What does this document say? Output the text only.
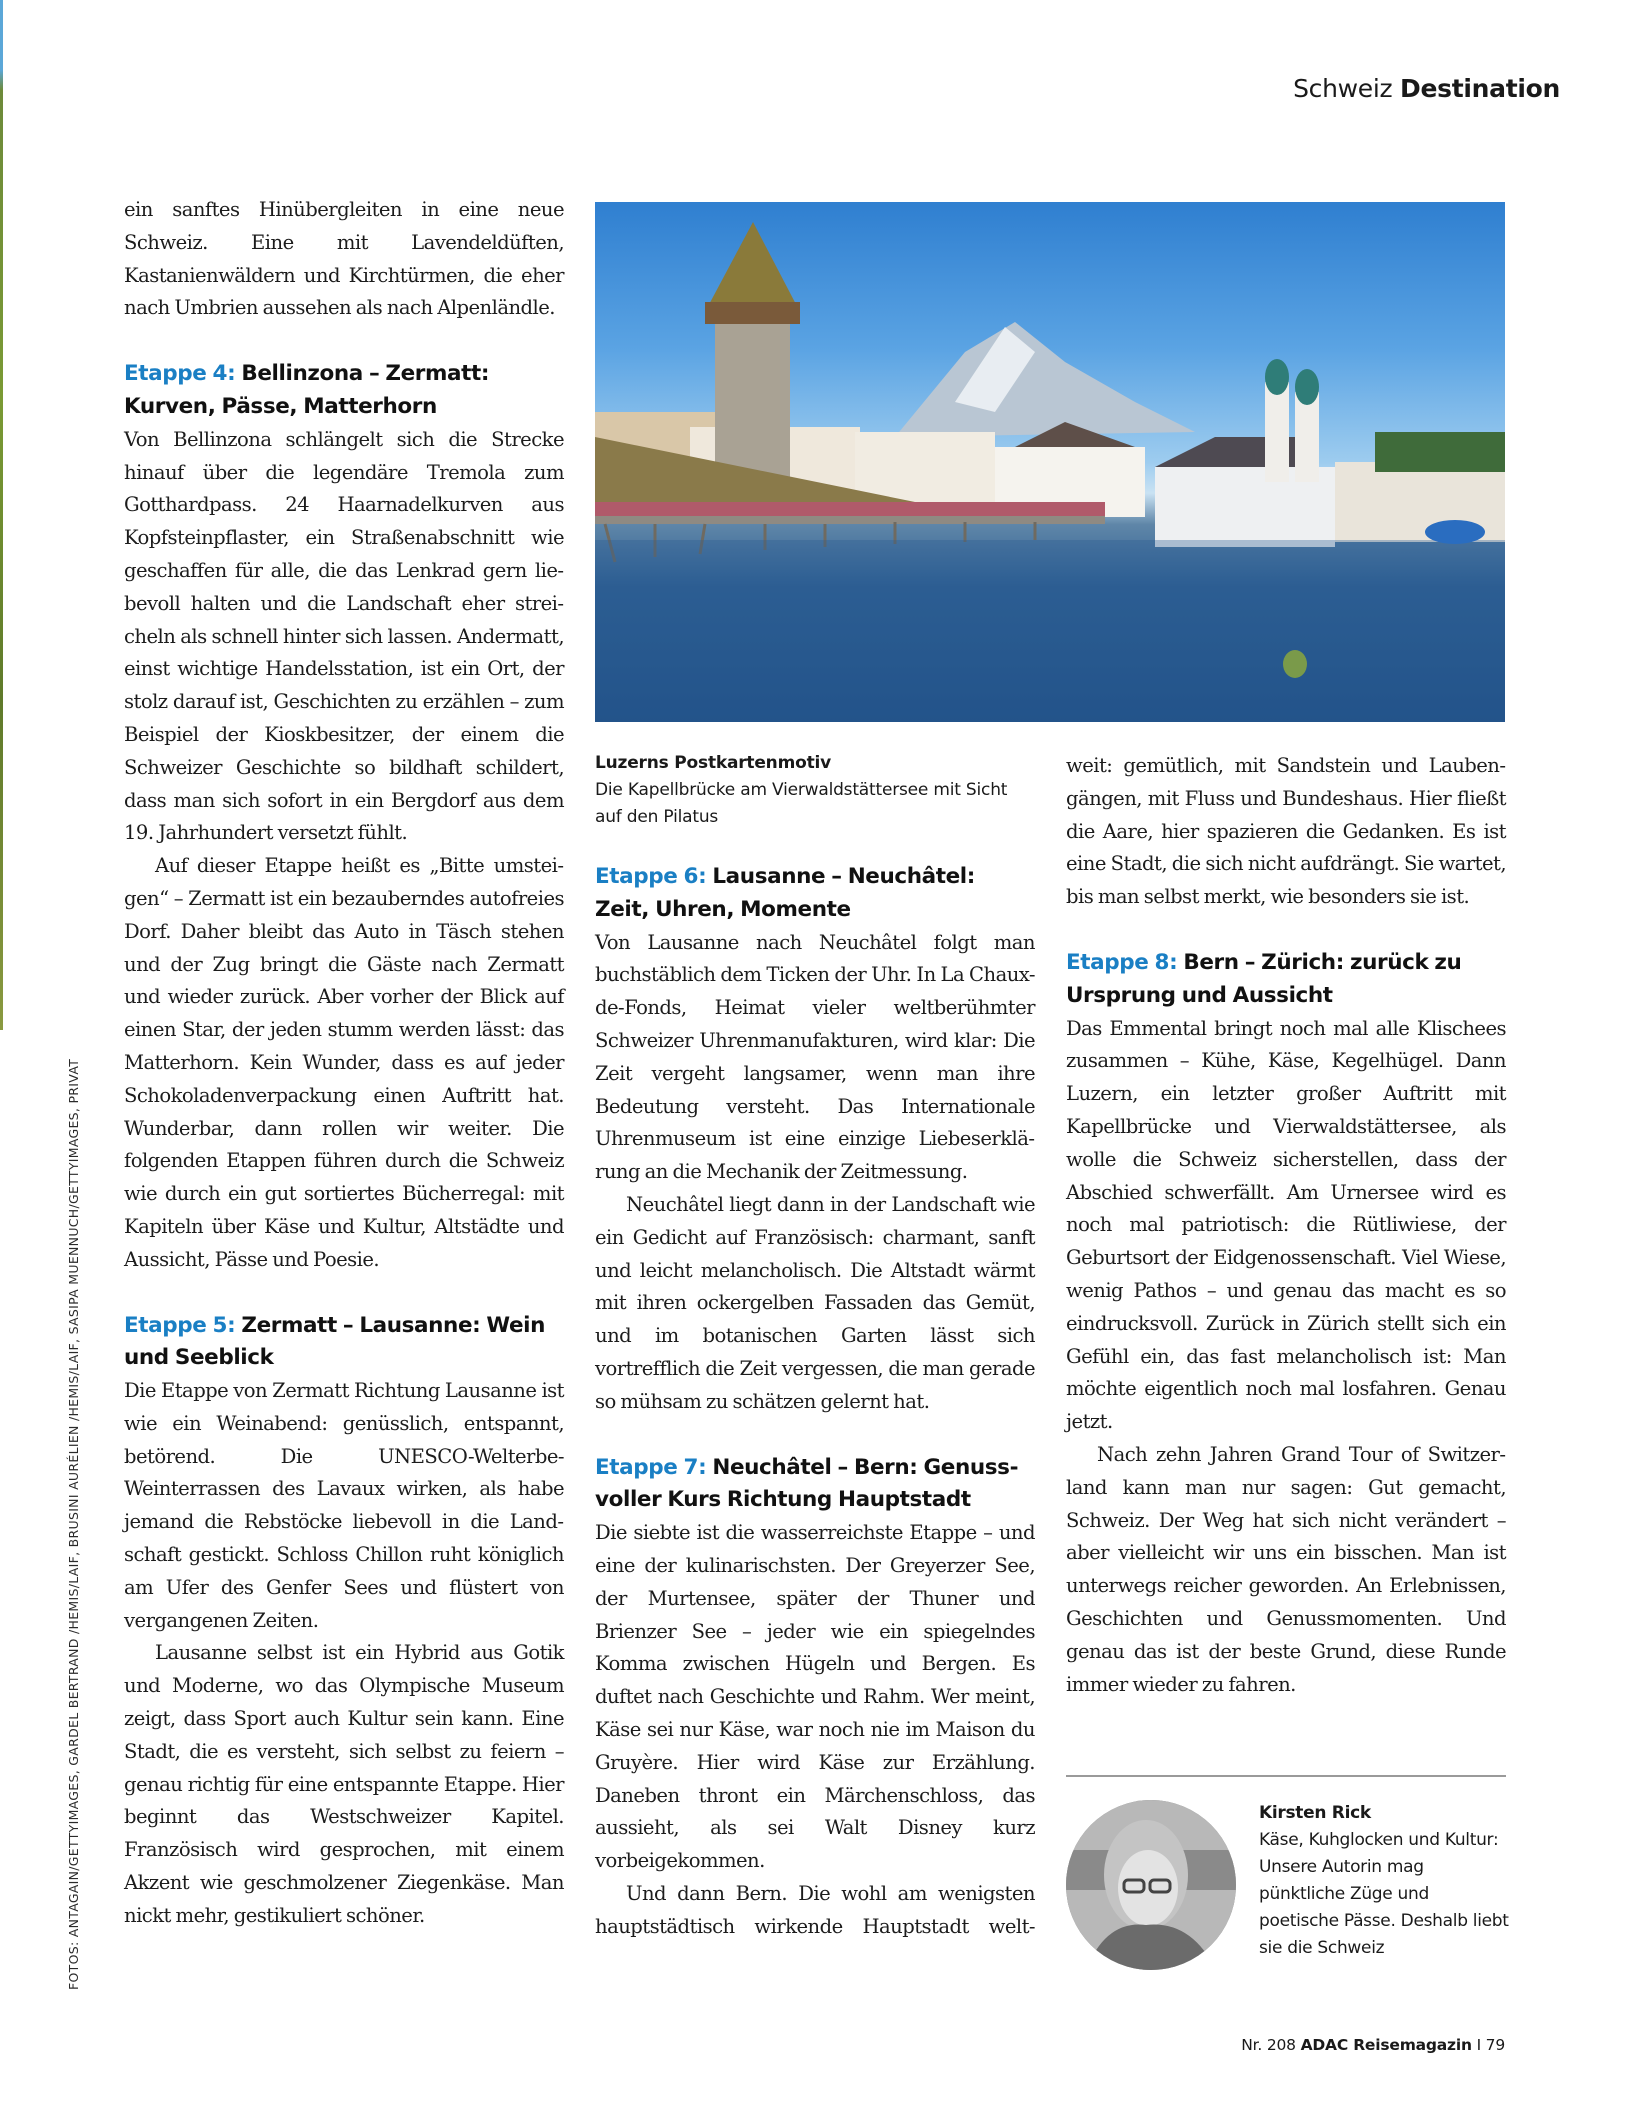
Schweiz Destination
FOTOS: ANTAGAIN/GETTYIMAGES, GARDEL BERTRAND /HEMIS/LAIF, BRUSINI AURÉLIEN /HEMIS/LAIF, SASIPA MUENNUCH/GETTYIMAGES, PRIVAT

ein sanftes Hinübergleiten in eine neue Schweiz. Eine mit Lavendeldüften, Kastanienwäldern und Kirchtürmen, die eher nach Umbrien aussehen als nach Alpenländle.

Etappe 4: Bellinzona – Zermatt: Kurven, Pässe, Matterhorn

Von Bellinzona schlängelt sich die Strecke hinauf über die legendäre Tremola zum Gotthardpass. 24 Haarnadelkurven aus Kopfsteinpflaster, ein Straßenabschnitt wie geschaffen für alle, die das Lenkrad gern liebevoll halten und die Landschaft eher streicheln als schnell hinter sich lassen. Andermatt, einst wichtige Handelsstation, ist ein Ort, der stolz darauf ist, Geschichten zu erzählen – zum Beispiel der Kioskbesitzer, der einem die Schweizer Geschichte so bildhaft schildert, dass man sich sofort in ein Bergdorf aus dem 19. Jahrhundert versetzt fühlt.

Auf dieser Etappe heißt es „Bitte umsteigen“ – Zermatt ist ein bezauberndes autofreies Dorf. Daher bleibt das Auto in Täsch stehen und der Zug bringt die Gäste nach Zermatt und wieder zurück. Aber vorher der Blick auf einen Star, der jeden stumm werden lässt: das Matterhorn. Kein Wunder, dass es auf jeder Schokoladenverpackung einen Auftritt hat. Wunderbar, dann rollen wir weiter. Die folgenden Etappen führen durch die Schweiz wie durch ein gut sortiertes Bücherregal: mit Kapiteln über Käse und Kultur, Altstädte und Aussicht, Pässe und Poesie.

Etappe 5: Zermatt – Lausanne: Wein und Seeblick

Die Etappe von Zermatt Richtung Lausanne ist wie ein Weinabend: genüsslich, entspannt, betörend. Die UNESCO-Welterbe-Weinterrassen des Lavaux wirken, als habe jemand die Rebstöcke liebevoll in die Landschaft gestickt. Schloss Chillon ruht königlich am Ufer des Genfer Sees und flüstert von vergangenen Zeiten.

Lausanne selbst ist ein Hybrid aus Gotik und Moderne, wo das Olympische Museum zeigt, dass Sport auch Kultur sein kann. Eine Stadt, die es versteht, sich selbst zu feiern – genau richtig für eine entspannte Etappe. Hier beginnt das Westschweizer Kapitel. Französisch wird gesprochen, mit einem Akzent wie geschmolzener Ziegenkäse. Man nickt mehr, gestikuliert schöner.

Luzerns Postkartenmotiv
Die Kapellbrücke am Vierwaldstättersee mit Sicht auf den Pilatus
Etappe 6: Lausanne – Neuchâtel: Zeit, Uhren, Momente

Von Lausanne nach Neuchâtel folgt man buchstäblich dem Ticken der Uhr. In La Chaux-de-Fonds, Heimat vieler weltberühmter Schweizer Uhrenmanufakturen, wird klar: Die Zeit vergeht langsamer, wenn man ihre Bedeutung versteht. Das Internationale Uhrenmuseum ist eine einzige Liebeserklärung an die Mechanik der Zeitmessung.

Neuchâtel liegt dann in der Landschaft wie ein Gedicht auf Französisch: charmant, sanft und leicht melancholisch. Die Altstadt wärmt mit ihren ockergelben Fassaden das Gemüt, und im botanischen Garten lässt sich vortrefflich die Zeit vergessen, die man gerade so mühsam zu schätzen gelernt hat.

Etappe 7: Neuchâtel – Bern: Genussvoller Kurs Richtung Hauptstadt

Die siebte ist die wasserreichste Etappe – und eine der kulinarischsten. Der Greyerzer See, der Murtensee, später der Thuner und Brienzer See – jeder wie ein spiegelndes Komma zwischen Hügeln und Bergen. Es duftet nach Geschichte und Rahm. Wer meint, Käse sei nur Käse, war noch nie im Maison du Gruyère. Hier wird Käse zur Erzählung. Daneben thront ein Märchenschloss, das aussieht, als sei Walt Disney kurz vorbeigekommen.

Und dann Bern. Die wohl am wenigsten hauptstädtisch wirkende Hauptstadt welt-

weit: gemütlich, mit Sandstein und Laubengängen, mit Fluss und Bundeshaus. Hier fließt die Aare, hier spazieren die Gedanken. Es ist eine Stadt, die sich nicht aufdrängt. Sie wartet, bis man selbst merkt, wie besonders sie ist.

Etappe 8: Bern – Zürich: zurück zu Ursprung und Aussicht

Das Emmental bringt noch mal alle Klischees zusammen – Kühe, Käse, Kegelhügel. Dann Luzern, ein letzter großer Auftritt mit Kapellbrücke und Vierwaldstättersee, als wolle die Schweiz sicherstellen, dass der Abschied schwerfällt. Am Urnersee wird es noch mal patriotisch: die Rütliwiese, der Geburtsort der Eidgenossenschaft. Viel Wiese, wenig Pathos – und genau das macht es so eindrucksvoll. Zurück in Zürich stellt sich ein Gefühl ein, das fast melancholisch ist: Man möchte eigentlich noch mal losfahren. Genau jetzt.

Nach zehn Jahren Grand Tour of Switzerland kann man nur sagen: Gut gemacht, Schweiz. Der Weg hat sich nicht verändert – aber vielleicht wir uns ein bisschen. Man ist unterwegs reicher geworden. An Erlebnissen, Geschichten und Genussmomenten. Und genau das ist der beste Grund, diese Runde immer wieder zu fahren.

Kirsten Rick
Käse, Kuhglocken und Kultur: Unsere Autorin mag pünktliche Züge und poetische Pässe. Deshalb liebt sie die Schweiz
Nr. 208 ADAC Reisemagazin I 79
